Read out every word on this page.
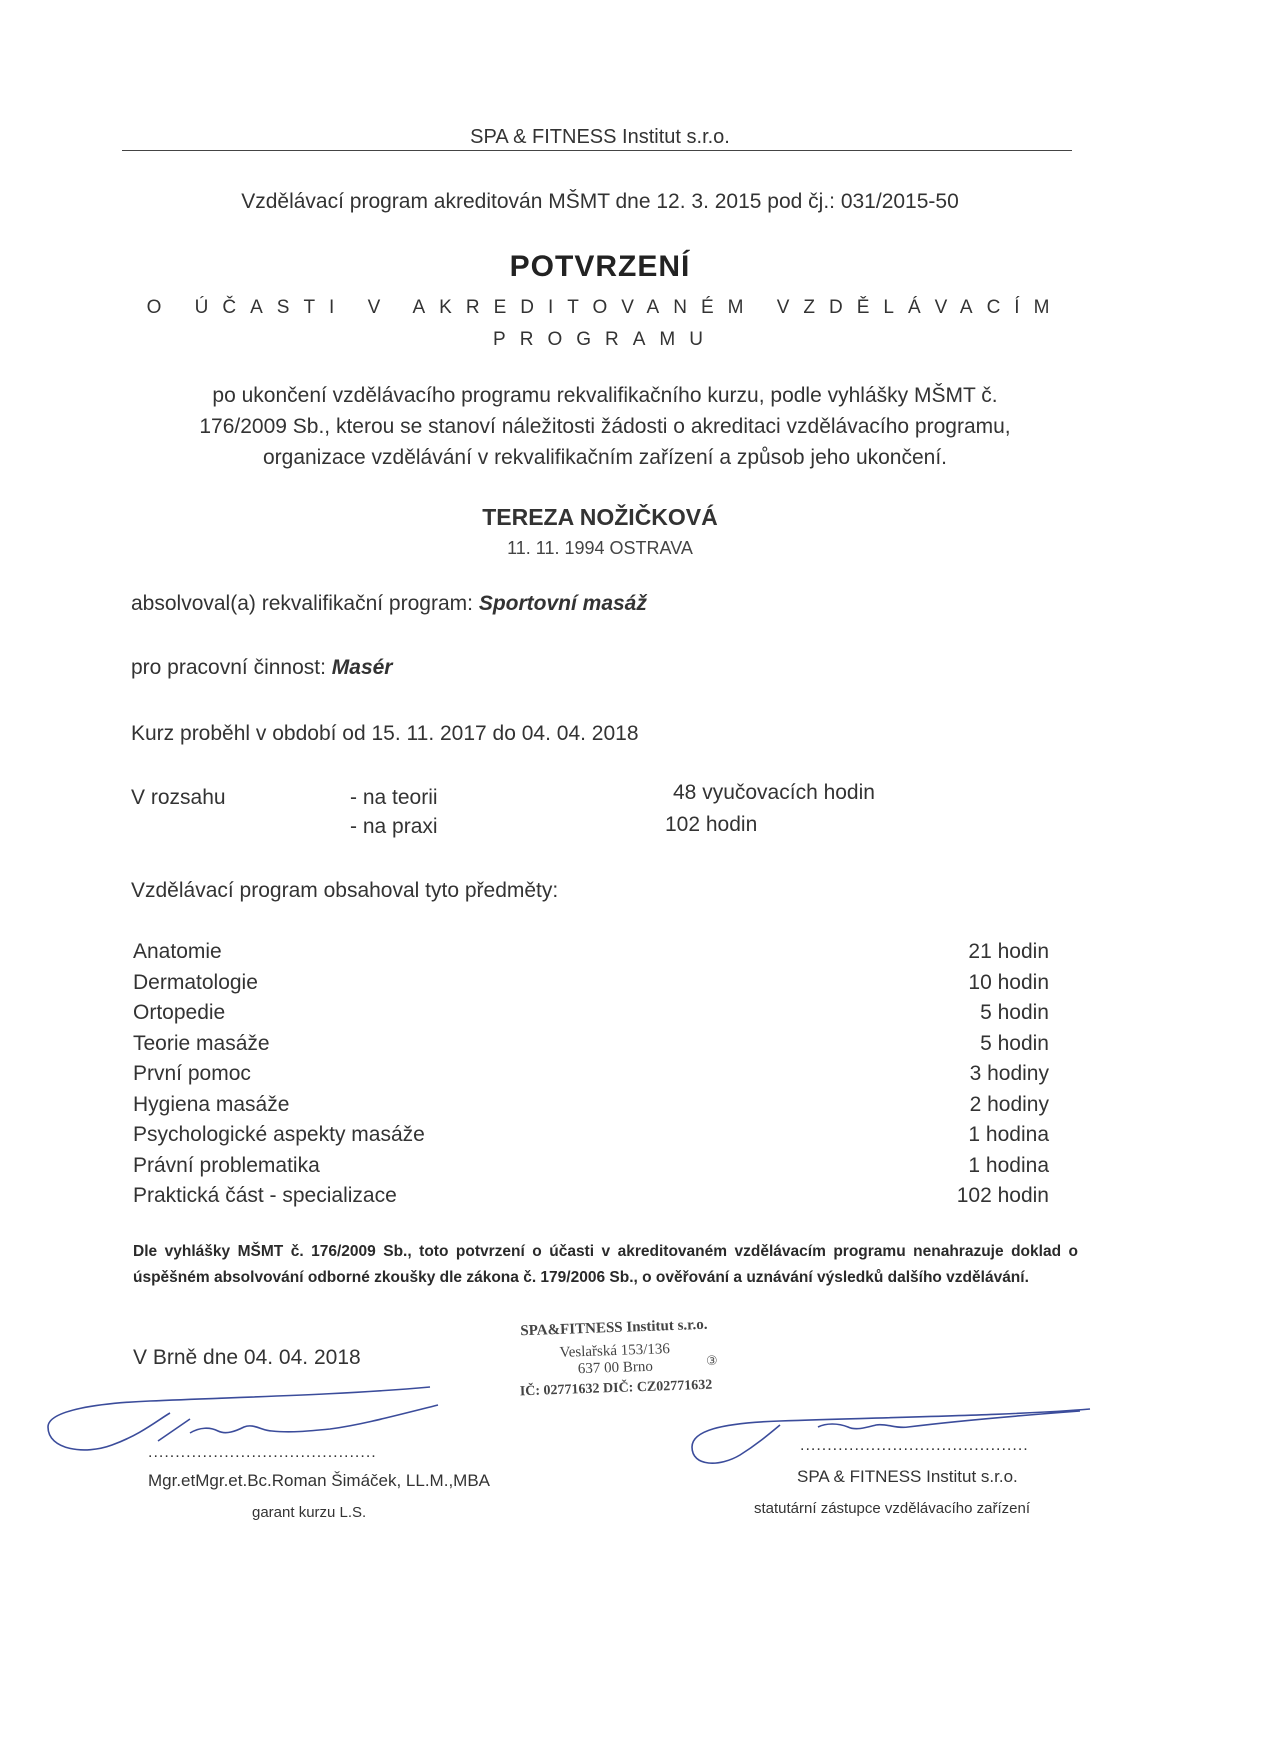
SPA & FITNESS Institut s.r.o.
Vzdělávací program akreditován MŠMT dne 12. 3. 2015 pod čj.: 031/2015-50
POTVRZENÍ
O ÚČASTI V AKREDITOVANÉM VZDĚLÁVACÍM
PROGRAMU
po ukončení vzdělávacího programu rekvalifikačního kurzu, podle vyhlášky MŠMT č.
176/2009 Sb., kterou se stanoví náležitosti žádosti o akreditaci vzdělávacího programu,
organizace vzdělávání v rekvalifikačním zařízení a způsob jeho ukončení.
TEREZA NOŽIČKOVÁ
11. 11. 1994 OSTRAVA
absolvoval(a) rekvalifikační program: Sportovní masáž
pro pracovní činnost: Masér
Kurz proběhl v období od 15. 11. 2017 do 04. 04. 2018
V rozsahu	- na teorii	48 vyučovacích hodin
- na praxi	102 hodin
Vzdělávací program obsahoval tyto předměty:
Anatomie	21 hodin
Dermatologie	10 hodin
Ortopedie	5 hodin
Teorie masáže	5 hodin
První pomoc	3 hodiny
Hygiena masáže	2 hodiny
Psychologické aspekty masáže	1 hodina
Právní problematika	1 hodina
Praktická část - specializace	102 hodin
Dle vyhlášky MŠMT č. 176/2009 Sb., toto potvrzení o účasti v akreditovaném vzdělávacím programu nenahrazuje doklad o úspěšném absolvování odborné zkoušky dle zákona č. 179/2006 Sb., o ověřování a uznávání výsledků dalšího vzdělávání.
V Brně dne 04. 04. 2018
SPA&FITNESS Institut s.r.o.
Veslařská 153/136
637 00 Brno
IČ: 02771632 DIČ: CZ02771632
③
..........................................
Mgr.etMgr.et.Bc.Roman Šimáček, LL.M.,MBA
garant kurzu L.S.
..........................................
SPA & FITNESS Institut s.r.o.
statutární zástupce vzdělávacího zařízení
